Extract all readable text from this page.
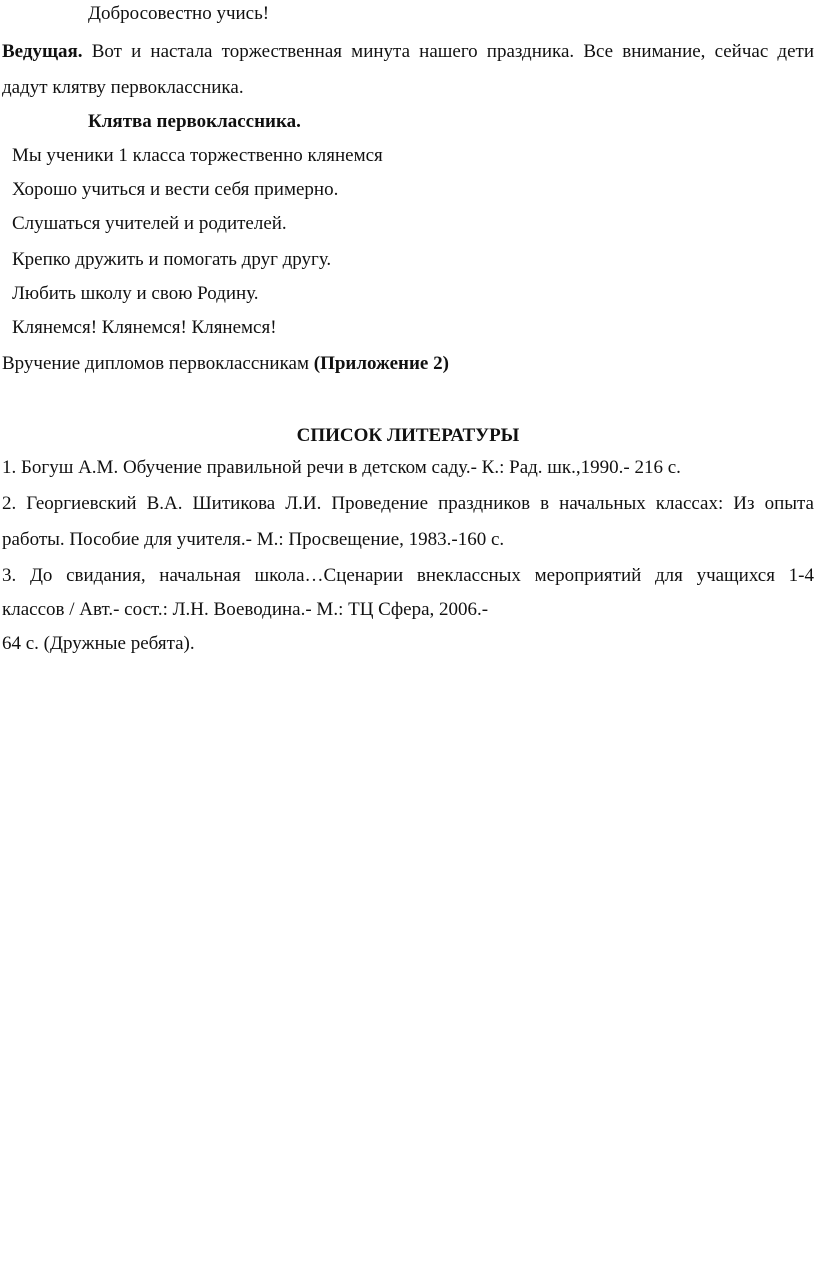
Добросовестно учись!
Ведущая. Вот и настала торжественная минута нашего праздника. Все внимание, сейчас дети
дадут клятву первоклассника.
Клятва первоклассника.
Мы ученики 1 класса торжественно клянемся
Хорошо учиться и вести себя примерно.
Слушаться учителей и родителей.
Крепко дружить и помогать друг другу.
Любить школу и свою Родину.
Клянемся! Клянемся! Клянемся!
Вручение дипломов первоклассникам (Приложение 2)
СПИСОК ЛИТЕРАТУРЫ
1. Богуш А.М. Обучение правильной речи в детском саду.- К.: Рад. шк.,1990.- 216 с.
2. Георгиевский В.А. Шитикова Л.И. Проведение праздников в начальных классах: Из опыта
работы. Пособие для учителя.- М.: Просвещение, 1983.-160 с.
3. До свидания, начальная школа…Сценарии внеклассных мероприятий для учащихся 1-4
классов / Авт.- сост.: Л.Н. Воеводина.- М.: ТЦ Сфера, 2006.-
64 с. (Дружные ребята).
